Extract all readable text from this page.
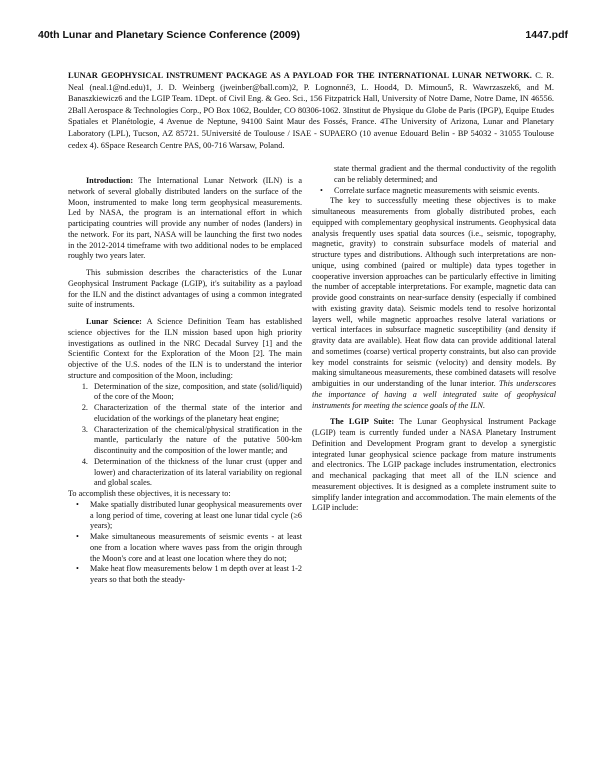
40th Lunar and Planetary Science Conference (2009)	1447.pdf
LUNAR GEOPHYSICAL INSTRUMENT PACKAGE AS A PAYLOAD FOR THE INTERNATIONAL LUNAR NETWORK. C. R. Neal (neal.1@nd.edu)1, J. D. Weinberg (jweinber@ball.com)2, P. Lognonné3, L. Hood4, D. Mimoun5, R. Wawrzaszek6, and M. Banaszkiewicz6 and the LGIP Team. 1Dept. of Civil Eng. & Geo. Sci., 156 Fitzpatrick Hall, University of Notre Dame, Notre Dame, IN 46556. 2Ball Aerospace & Technologies Corp., PO Box 1062, Boulder, CO 80306-1062. 3Institut de Physique du Globe de Paris (IPGP), Equipe Etudes Spatiales et Planétologie, 4 Avenue de Neptune, 94100 Saint Maur des Fossés, France. 4The University of Arizona, Lunar and Planetary Laboratory (LPL), Tucson, AZ 85721. 5Université de Toulouse / ISAE - SUPAERO (10 avenue Edouard Belin - BP 54032 - 31055 Toulouse cedex 4). 6Space Research Centre PAS, 00-716 Warsaw, Poland.

Introduction: The International Lunar Network (ILN) is a network of several globally distributed landers on the surface of the Moon, instrumented to make long term geophysical measurements. Led by NASA, the program is an international effort in which participating countries will provide any number of nodes (landers) in the network. For its part, NASA will be launching the first two nodes in the 2012-2014 timeframe with two additional nodes to be emplaced roughly two years later.

This submission describes the characteristics of the Lunar Geophysical Instrument Package (LGIP), it's suitability as a payload for the ILN and the distinct advantages of using a common integrated suite of instruments.

Lunar Science: A Science Definition Team has established science objectives for the ILN mission based upon high priority investigations as outlined in the NRC Decadal Survey [1] and the Scientific Context for the Exploration of the Moon [2]. The main objective of the U.S. nodes of the ILN is to understand the interior structure and composition of the Moon, including:

1. Determination of the size, composition, and state (solid/liquid) of the core of the Moon;
2. Characterization of the thermal state of the interior and elucidation of the workings of the planetary heat engine;
3. Characterization of the chemical/physical stratification in the mantle, particularly the nature of the putative 500-km discontinuity and the composition of the lower mantle; and
4. Determination of the thickness of the lunar crust (upper and lower) and characterization of its lateral variability on regional and global scales.

To accomplish these objectives, it is necessary to:

• Make spatially distributed lunar geophysical measurements over a long period of time, covering at least one lunar tidal cycle (≥6 years);
• Make simultaneous measurements of seismic events - at least one from a location where waves pass from the origin through the Moon's core and at least one location where they do not;
• Make heat flow measurements below 1 m depth over at least 1-2 years so that both the steady-
state thermal gradient and the thermal conductivity of the regolith can be reliably determined; and
• Correlate surface magnetic measurements with seismic events.

The key to successfully meeting these objectives is to make simultaneous measurements from globally distributed probes, each equipped with complementary geophysical instruments. Geophysical data analysis frequently uses spatial data sources (i.e., seismic, topography, magnetic, gravity) to constrain subsurface models of material and structure types and distributions. Although such interpretations are non-unique, using combined (paired or multiple) data types together in cooperative inversion approaches can be particularly effective in limiting the number of acceptable interpretations. For example, magnetic data can provide good constraints on near-surface density (especially if combined with existing gravity data). Seismic models tend to resolve horizontal layers well, while magnetic approaches resolve lateral variations or vertical interfaces in subsurface magnetic susceptibility (and density if gravity data are available). Heat flow data can provide additional lateral and sometimes (coarse) vertical property constraints, but also can provide key model constraints for seismic (velocity) and density models. By making simultaneous measurements, these combined datasets will resolve ambiguities in our understanding of the lunar interior. This underscores the importance of having a well integrated suite of geophysical instruments for meeting the science goals of the ILN.

The LGIP Suite: The Lunar Geophysical Instrument Package (LGIP) team is currently funded under a NASA Planetary Instrument Definition and Development Program grant to develop a synergistic integrated lunar geophysical science package from mature instruments and electronics. The LGIP package includes instrumentation, electronics and mechanical packaging that meet all of the ILN science and measurement objectives. It is designed as a complete instrument suite to simplify lander integration and accommodation. The main elements of the LGIP include:
